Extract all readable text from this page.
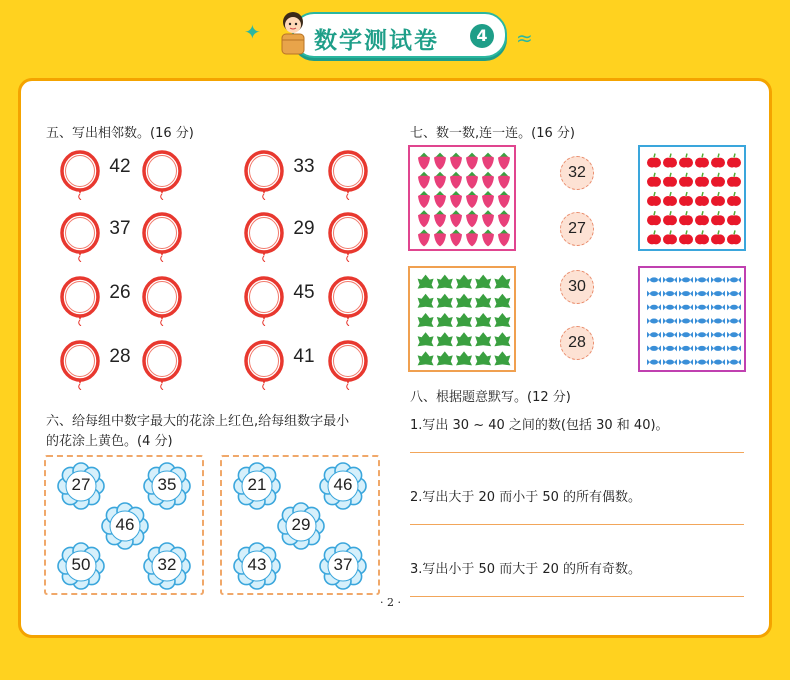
✦ 数学测试卷	4	≈
五、写出相邻数。(16 分)
42
37
26
28
33
29
45
41
六、给每组中数字最大的花涂上红色,给每组数字最小
的花涂上黄色。(4 分)
27	35
46
50	32
21	46
29
43	37
七、数一数,连一连。(16 分)
32
27
30
28
八、根据题意默写。(12 分)
1.写出 30 ~ 40 之间的数(包括 30 和 40)。
2.写出大于 20 而小于 50 的所有偶数。
3.写出小于 50 而大于 20 的所有奇数。
· 2 ·
